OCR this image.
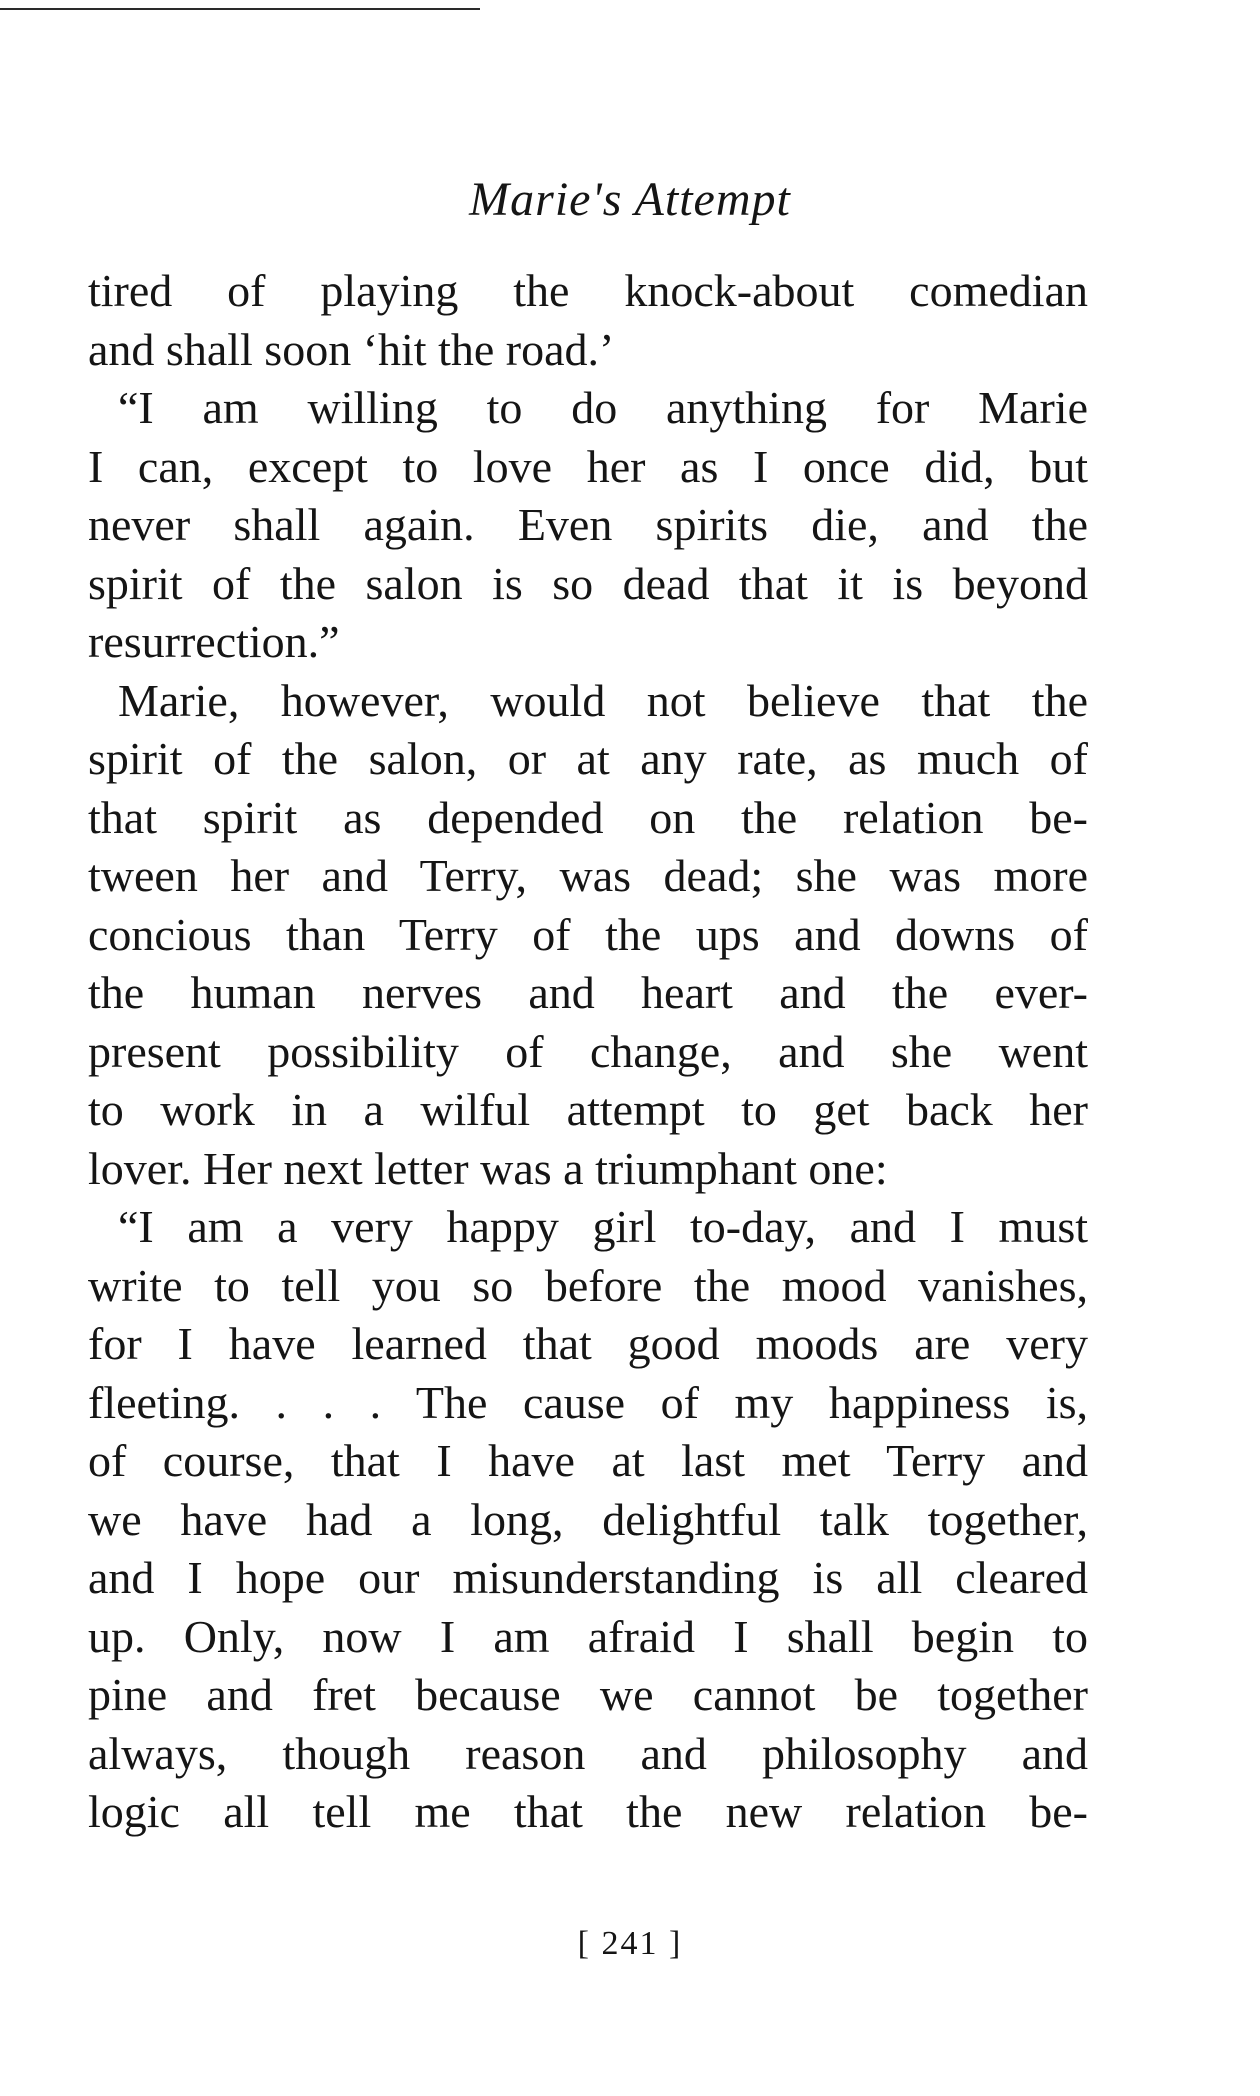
Marie's Attempt
tired of playing the knock-about comedian
and shall soon ‘hit the road.’
“I am willing to do anything for Marie
I can, except to love her as I once did, but
never shall again. Even spirits die, and the
spirit of the salon is so dead that it is beyond
resurrection.”
Marie, however, would not believe that the
spirit of the salon, or at any rate, as much of
that spirit as depended on the relation be-
tween her and Terry, was dead; she was more
concious than Terry of the ups and downs of
the human nerves and heart and the ever-
present possibility of change, and she went
to work in a wilful attempt to get back her
lover. Her next letter was a triumphant one:
“I am a very happy girl to-day, and I must
write to tell you so before the mood vanishes,
for I have learned that good moods are very
fleeting. . . . The cause of my happiness is,
of course, that I have at last met Terry and
we have had a long, delightful talk together,
and I hope our misunderstanding is all cleared
up. Only, now I am afraid I shall begin to
pine and fret because we cannot be together
always, though reason and philosophy and
logic all tell me that the new relation be-
[ 241 ]
